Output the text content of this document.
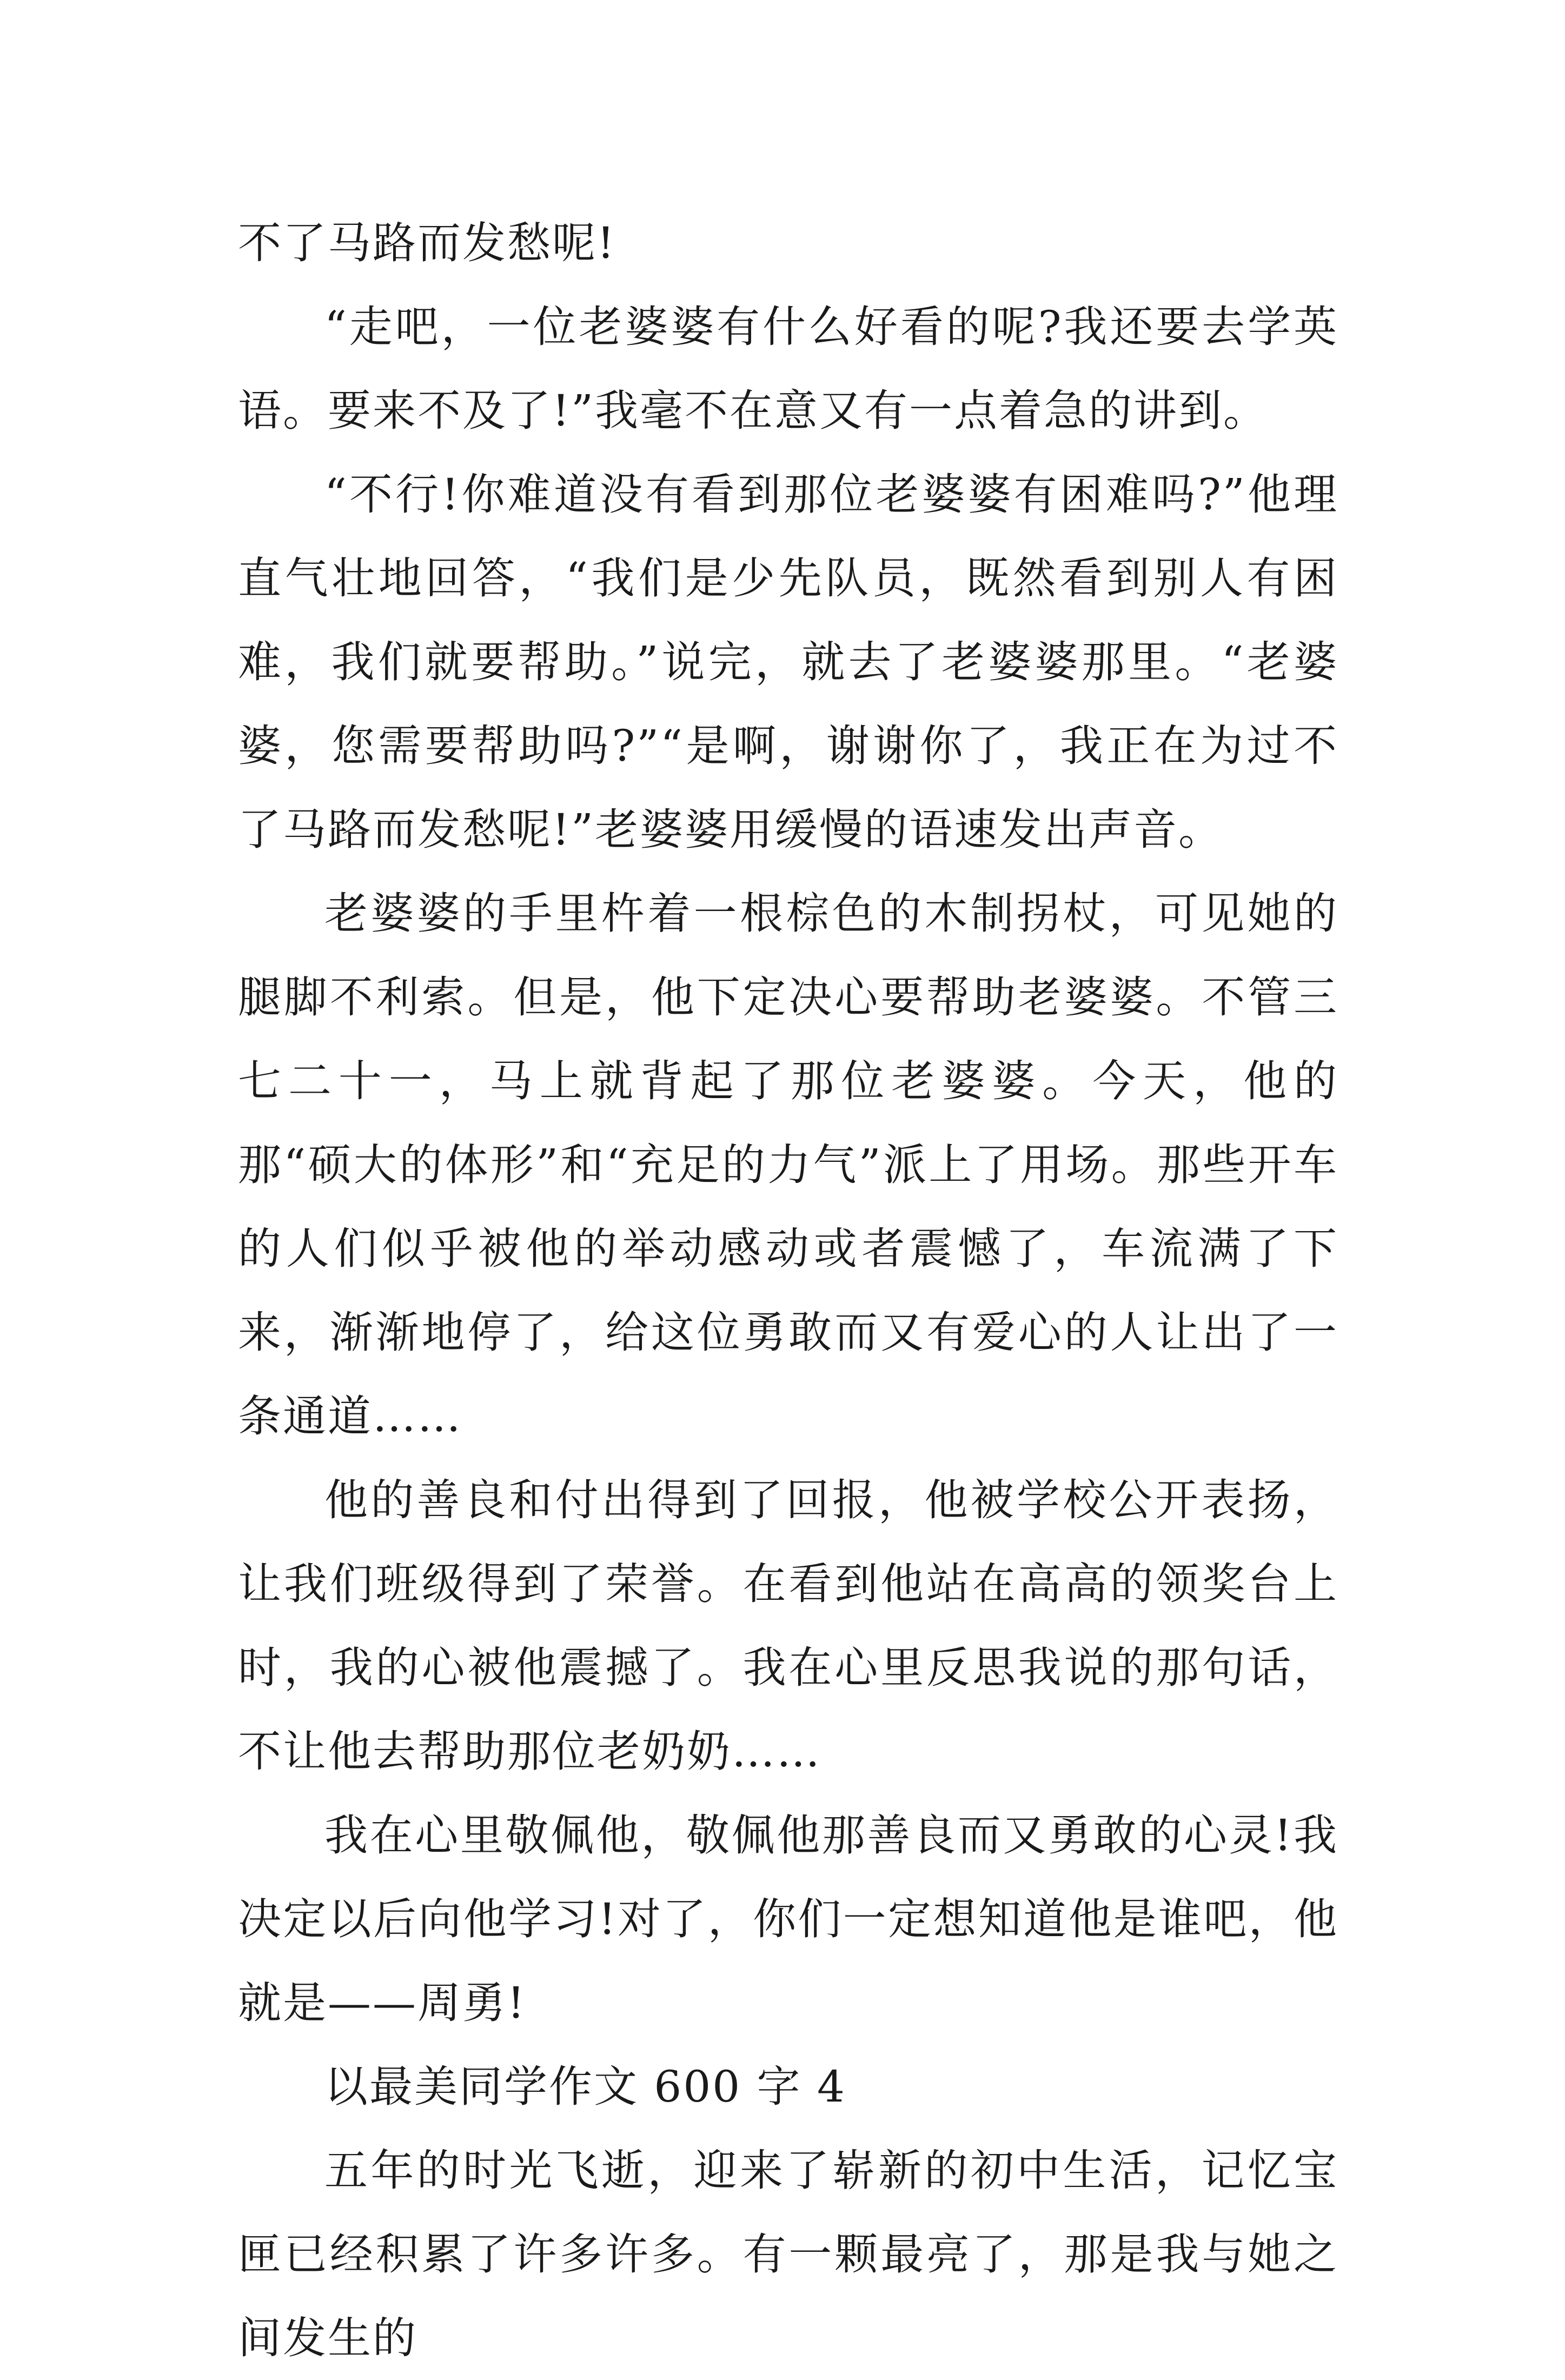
不了马路而发愁呢!

“走吧，一位老婆婆有什么好看的呢?我还要去学英语。要来不及了!”我毫不在意又有一点着急的讲到。

“不行!你难道没有看到那位老婆婆有困难吗?”他理直气壮地回答，“我们是少先队员，既然看到别人有困难，我们就要帮助。”说完，就去了老婆婆那里。“老婆婆，您需要帮助吗?”“是啊，谢谢你了，我正在为过不了马路而发愁呢!”老婆婆用缓慢的语速发出声音。

老婆婆的手里杵着一根棕色的木制拐杖，可见她的腿脚不利索。但是，他下定决心要帮助老婆婆。不管三七二十一，马上就背起了那位老婆婆。今天，他的那“硕大的体形”和“充足的力气”派上了用场。那些开车的人们似乎被他的举动感动或者震憾了，车流满了下来，渐渐地停了，给这位勇敢而又有爱心的人让出了一条通道……

他的善良和付出得到了回报，他被学校公开表扬，让我们班级得到了荣誉。在看到他站在高高的领奖台上时，我的心被他震撼了。我在心里反思我说的那句话，不让他去帮助那位老奶奶……

我在心里敬佩他，敬佩他那善良而又勇敢的心灵!我决定以后向他学习!对了，你们一定想知道他是谁吧，他就是——周勇!

以最美同学作文 600 字 4

五年的时光飞逝，迎来了崭新的初中生活，记忆宝匣已经积累了许多许多。有一颗最亮了，那是我与她之间发生的
